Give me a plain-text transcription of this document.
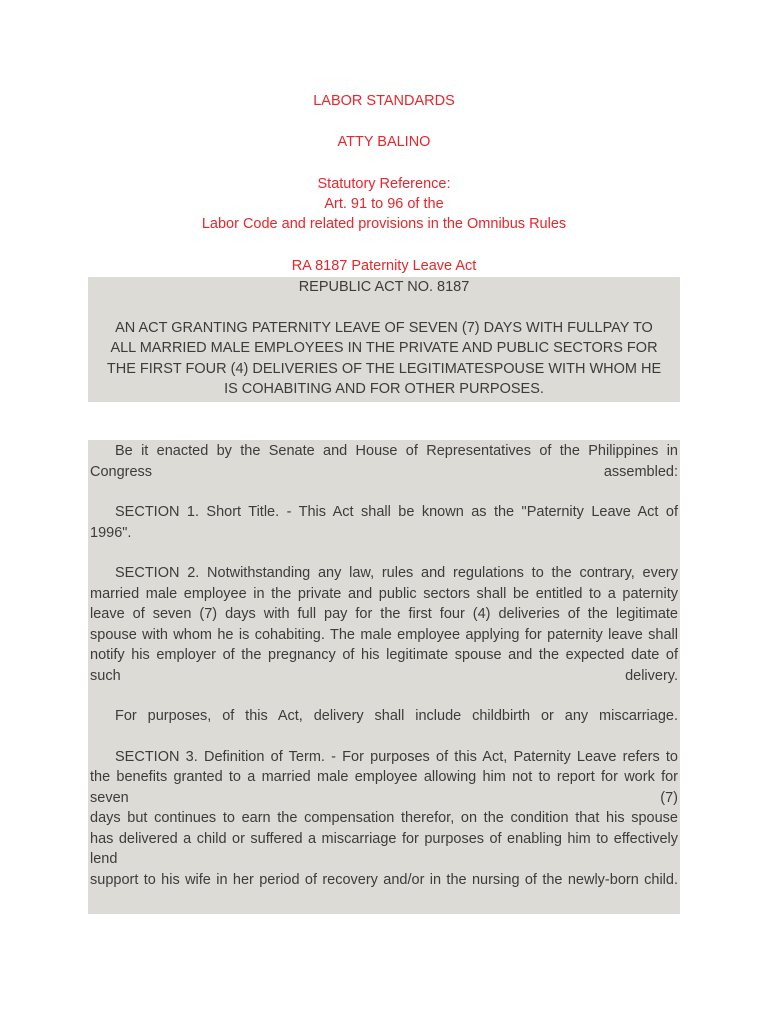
LABOR STANDARDS
ATTY BALINO
Statutory Reference:
Art. 91 to 96 of the
Labor Code and related provisions in the Omnibus Rules
RA 8187 Paternity Leave Act
REPUBLIC ACT NO. 8187
AN ACT GRANTING PATERNITY LEAVE OF SEVEN (7) DAYS WITH FULLPAY TO
ALL MARRIED MALE EMPLOYEES IN THE PRIVATE AND PUBLIC SECTORS FOR
THE FIRST FOUR (4) DELIVERIES OF THE LEGITIMATESPOUSE WITH WHOM HE
IS COHABITING AND FOR OTHER PURPOSES.

Be it enacted by the Senate and House of Representatives of the Philippines in

Congress assembled:

SECTION 1. Short Title. - This Act shall be known as the "Paternity Leave Act of

1996".

SECTION 2. Notwithstanding any law, rules and regulations to the contrary, every

married male employee in the private and public sectors shall be entitled to a paternity

leave of seven (7) days with full pay for the first four (4) deliveries of the legitimate

spouse with whom he is cohabiting. The male employee applying for paternity leave shall

notify his employer of the pregnancy of his legitimate spouse and the expected date of

such delivery.

For purposes, of this Act, delivery shall include childbirth or any miscarriage.

SECTION 3. Definition of Term. - For purposes of this Act, Paternity Leave refers to

the benefits granted to a married male employee allowing him not to report for work for

seven (7)

days but continues to earn the compensation therefor, on the condition that his spouse

has delivered a child or suffered a miscarriage for purposes of enabling him to effectively

lend

support to his wife in her period of recovery and/or in the nursing of the newly-born child.
